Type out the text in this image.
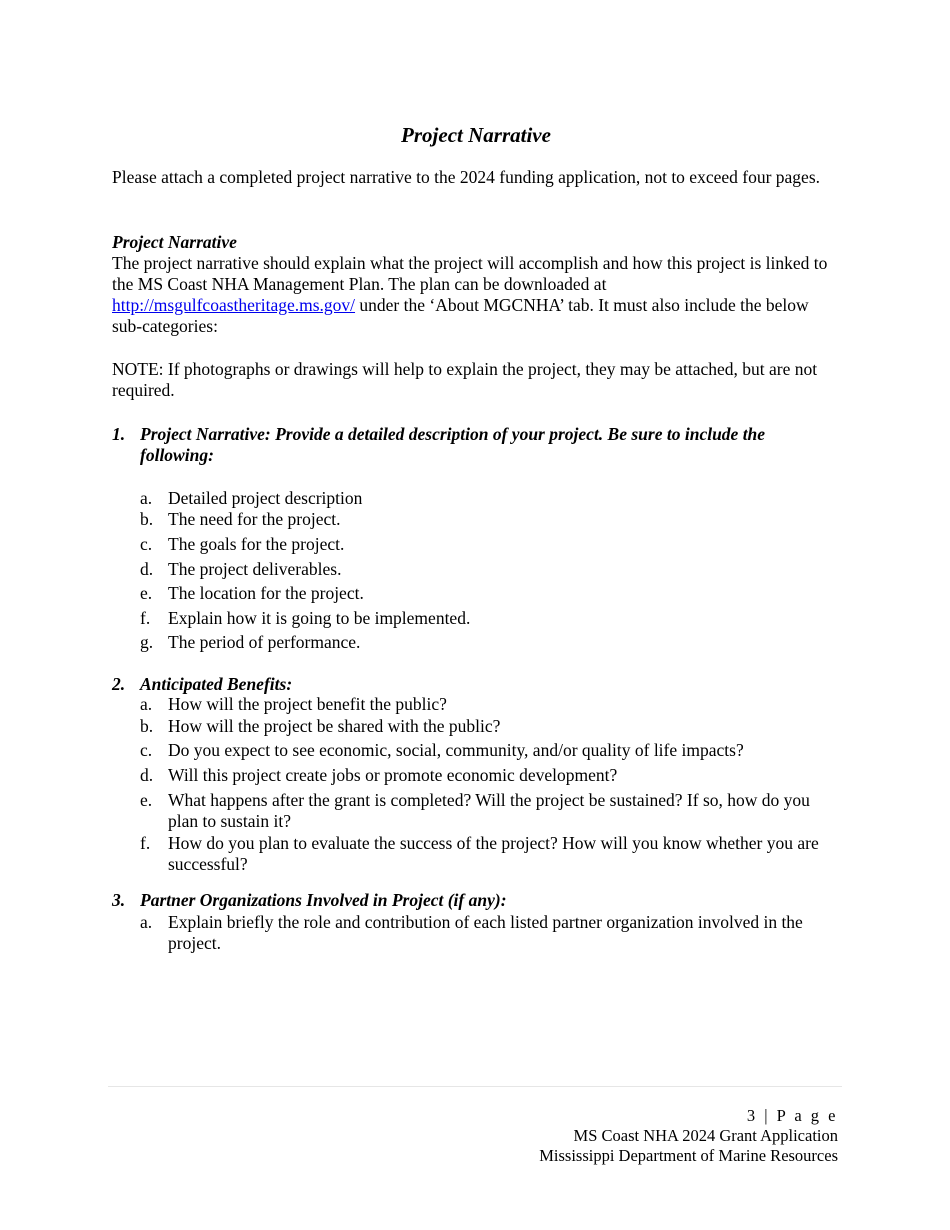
Project Narrative

Please attach a completed project narrative to the 2024 funding application, not to exceed four pages.

Project Narrative

The project narrative should explain what the project will accomplish and how this project is linked to the MS Coast NHA Management Plan. The plan can be downloaded at http://msgulfcoastheritage.ms.gov/ under the ‘About MGCNHA’ tab. It must also include the below sub-categories:

NOTE: If photographs or drawings will help to explain the project, they may be attached, but are not required.

1. Project Narrative: Provide a detailed description of your project. Be sure to include the following:
a. Detailed project description
b. The need for the project.
c. The goals for the project.
d. The project deliverables.
e. The location for the project.
f.	Explain how it is going to be implemented.
g. The period of performance.
2. Anticipated Benefits:
a. How will the project benefit the public?
b. How will the project be shared with the public?
c. Do you expect to see economic, social, community, and/or quality of life impacts?
d. Will this project create jobs or promote economic development?
e. What happens after the grant is completed? Will the project be sustained? If so, how do you plan to sustain it?
f.	How do you plan to evaluate the success of the project? How will you know whether you are successful?
3. Partner Organizations Involved in Project (if any):
a. Explain briefly the role and contribution of each listed partner organization involved in the project.
3 | P a g e
MS Coast NHA 2024 Grant Application
Mississippi Department of Marine Resources
